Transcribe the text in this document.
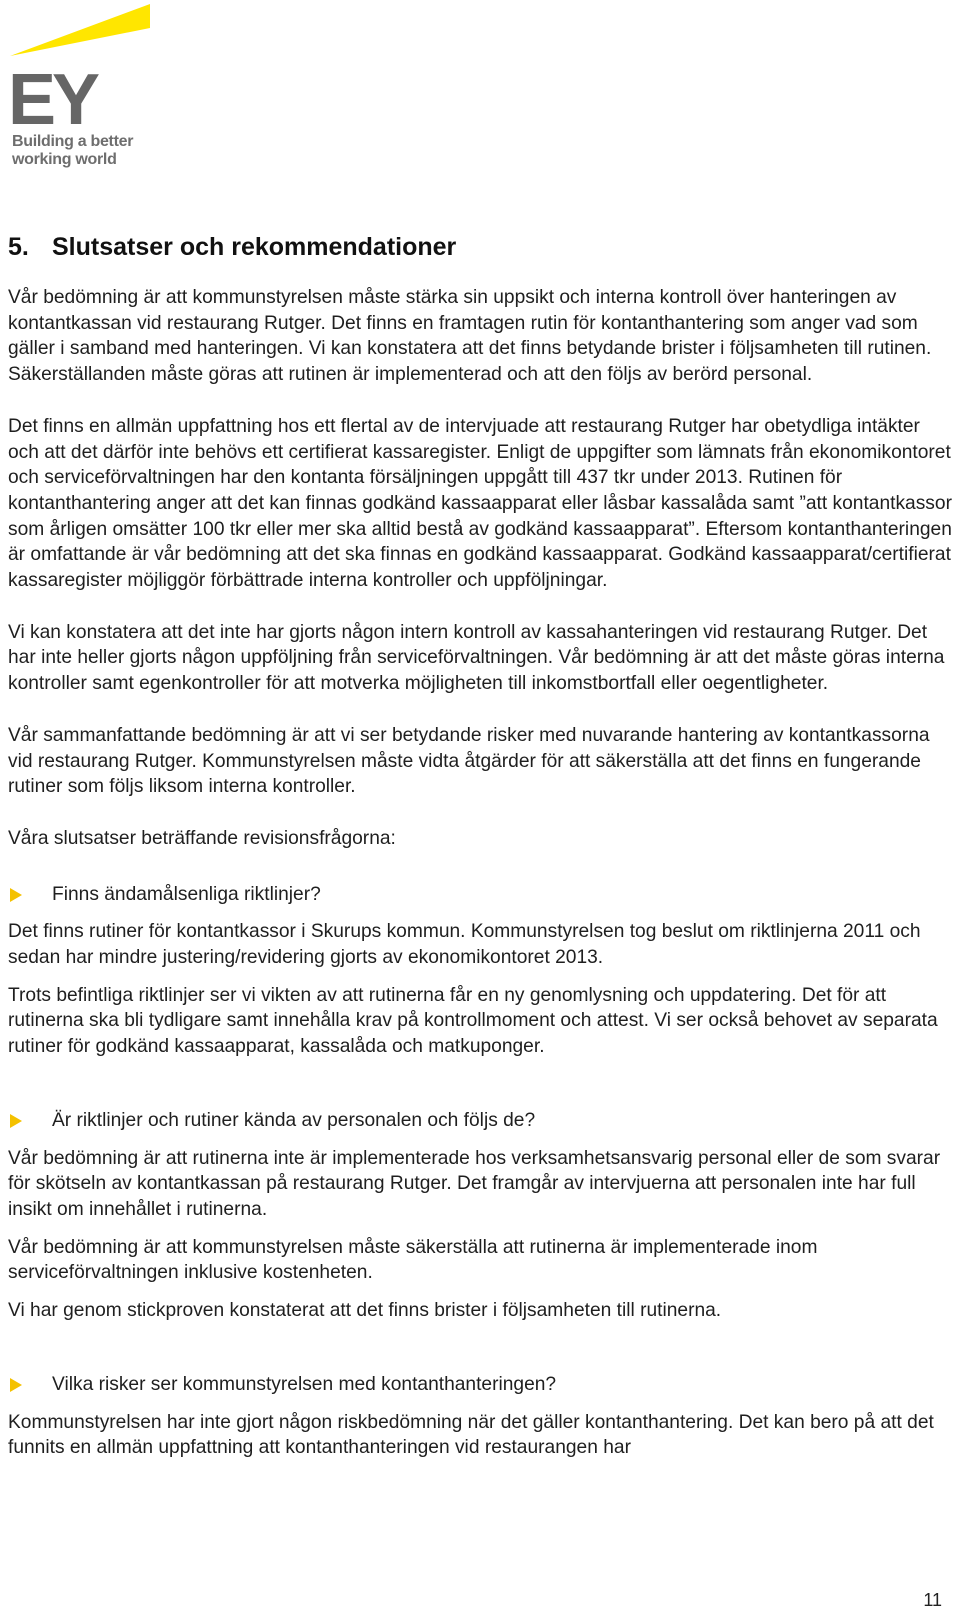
EY
Building a better
working world
5. Slutsatser och rekommendationer

Vår bedömning är att kommunstyrelsen måste stärka sin uppsikt och interna kontroll över hanteringen av kontantkassan vid restaurang Rutger. Det finns en framtagen rutin för kontanthantering som anger vad som gäller i samband med hanteringen. Vi kan konstatera att det finns betydande brister i följsamheten till rutinen. Säkerställanden måste göras att rutinen är implementerad och att den följs av berörd personal.

Det finns en allmän uppfattning hos ett flertal av de intervjuade att restaurang Rutger har obetydliga intäkter och att det därför inte behövs ett certifierat kassaregister. Enligt de uppgifter som lämnats från ekonomikontoret och serviceförvaltningen har den kontanta försäljningen uppgått till 437 tkr under 2013. Rutinen för kontanthantering anger att det kan finnas godkänd kassaapparat eller låsbar kassalåda samt ”att kontantkassor som årligen omsätter 100 tkr eller mer ska alltid bestå av godkänd kassaapparat”. Eftersom kontanthanteringen är omfattande är vår bedömning att det ska finnas en godkänd kassaapparat. Godkänd kassaapparat/certifierat kassaregister möjliggör förbättrade interna kontroller och uppföljningar.

Vi kan konstatera att det inte har gjorts någon intern kontroll av kassahanteringen vid restaurang Rutger. Det har inte heller gjorts någon uppföljning från serviceförvaltningen. Vår bedömning är att det måste göras interna kontroller samt egenkontroller för att motverka möjligheten till inkomstbortfall eller oegentligheter.

Vår sammanfattande bedömning är att vi ser betydande risker med nuvarande hantering av kontantkassorna vid restaurang Rutger. Kommunstyrelsen måste vidta åtgärder för att säkerställa att det finns en fungerande rutiner som följs liksom interna kontroller.

Våra slutsatser beträffande revisionsfrågorna:

Finns ändamålsenliga riktlinjer?

Det finns rutiner för kontantkassor i Skurups kommun. Kommunstyrelsen tog beslut om riktlinjerna 2011 och sedan har mindre justering/revidering gjorts av ekonomikontoret 2013.

Trots befintliga riktlinjer ser vi vikten av att rutinerna får en ny genomlysning och uppdatering. Det för att rutinerna ska bli tydligare samt innehålla krav på kontrollmoment och attest. Vi ser också behovet av separata rutiner för godkänd kassaapparat, kassalåda och matkuponger.

Är riktlinjer och rutiner kända av personalen och följs de?

Vår bedömning är att rutinerna inte är implementerade hos verksamhetsansvarig personal eller de som svarar för skötseln av kontantkassan på restaurang Rutger. Det framgår av intervjuerna att personalen inte har full insikt om innehållet i rutinerna.

Vår bedömning är att kommunstyrelsen måste säkerställa att rutinerna är implementerade inom serviceförvaltningen inklusive kostenheten.

Vi har genom stickproven konstaterat att det finns brister i följsamheten till rutinerna.

Vilka risker ser kommunstyrelsen med kontanthanteringen?

Kommunstyrelsen har inte gjort någon riskbedömning när det gäller kontanthantering. Det kan bero på att det funnits en allmän uppfattning att kontanthanteringen vid restaurangen har

11
